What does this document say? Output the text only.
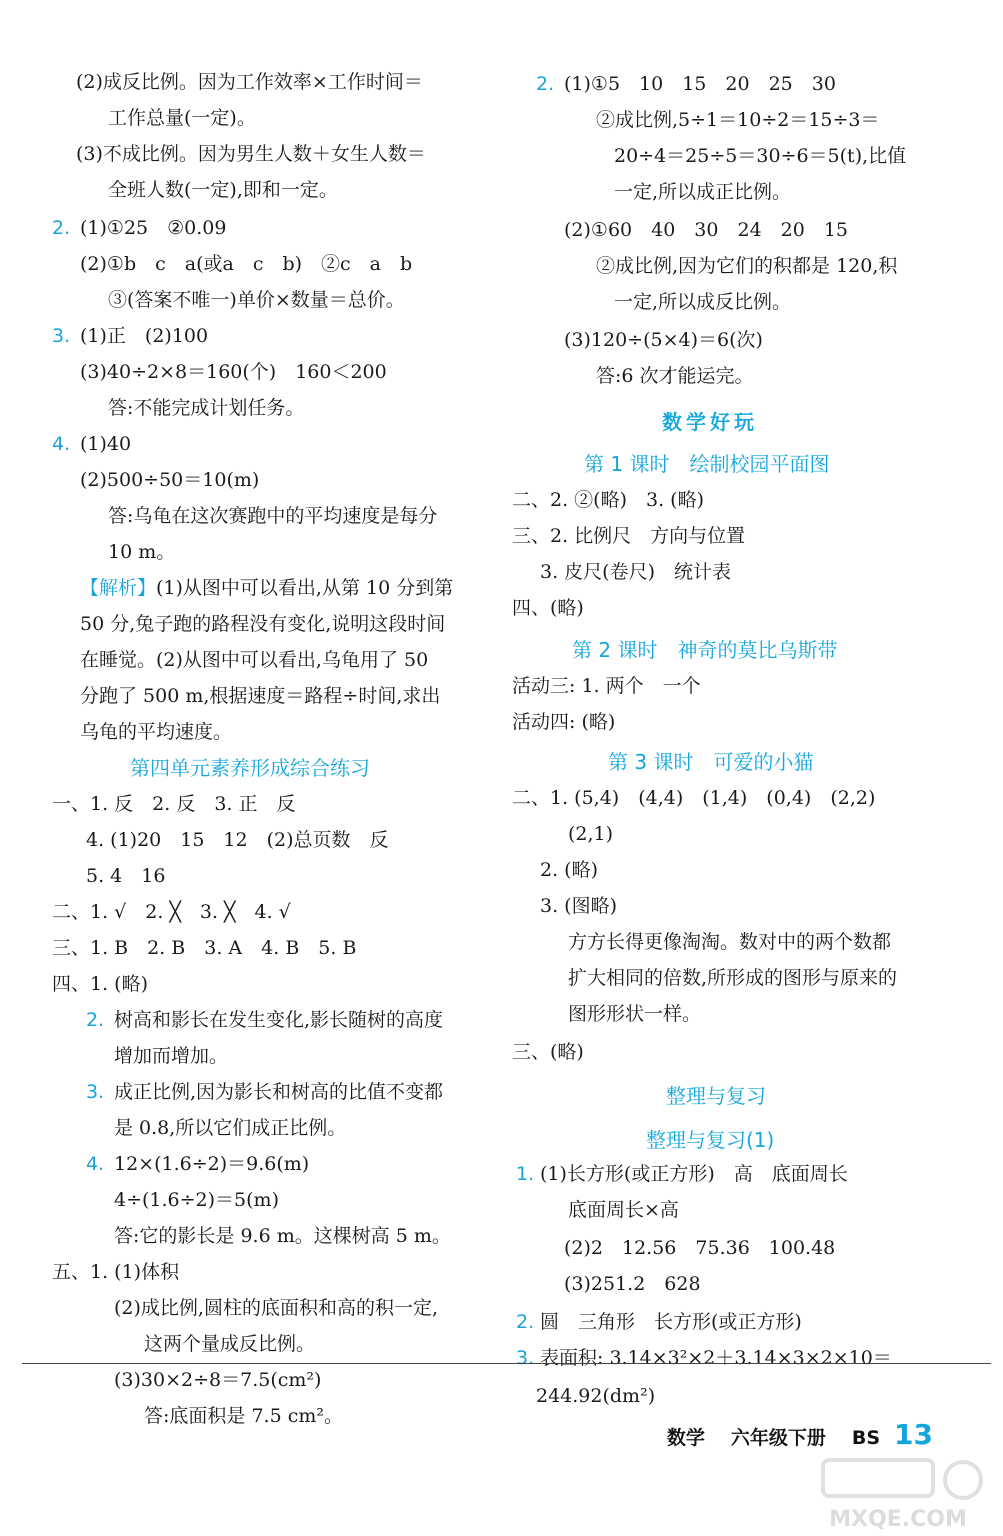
(2)成反比例。因为工作效率×工作时间＝
工作总量(一定)。
(3)不成比例。因为男生人数＋女生人数＝
全班人数(一定),即和一定。
2. (1)①25　②0.09
(2)①b　c　a(或a　c　b)　②c　a　b
③(答案不唯一)单价×数量＝总价。
3. (1)正　(2)100
(3)40÷2×8＝160(个)　160＜200
答:不能完成计划任务。
4. (1)40
(2)500÷50＝10(m)
答:乌龟在这次赛跑中的平均速度是每分
10 m。
【解析】(1)从图中可以看出,从第 10 分到第
50 分,兔子跑的路程没有变化,说明这段时间
在睡觉。(2)从图中可以看出,乌龟用了 50
分跑了 500 m,根据速度＝路程÷时间,求出
乌龟的平均速度。
第四单元素养形成综合练习
一、1. 反　2. 反　3. 正　反
4. (1)20　15　12　(2)总页数　反
5. 4　16
二、1. √　2. ╳　3. ╳　4. √
三、1. B　2. B　3. A　4. B　5. B
四、1. (略)
2. 树高和影长在发生变化,影长随树的高度
增加而增加。
3. 成正比例,因为影长和树高的比值不变都
是 0.8,所以它们成正比例。
4. 12×(1.6÷2)＝9.6(m)
4÷(1.6÷2)＝5(m)
答:它的影长是 9.6 m。这棵树高 5 m。
五、1. (1)体积
(2)成比例,圆柱的底面积和高的积一定,
这两个量成反比例。
(3)30×2÷8＝7.5(cm²)
答:底面积是 7.5 cm²。
2. (1)①5　10　15　20　25　30
②成比例,5÷1＝10÷2＝15÷3＝
20÷4＝25÷5＝30÷6＝5(t),比值
一定,所以成正比例。
(2)①60　40　30　24　20　15
②成比例,因为它们的积都是 120,积
一定,所以成反比例。
(3)120÷(5×4)＝6(次)
答:6 次才能运完。
数学好玩
第 1 课时　绘制校园平面图
二、2. ②(略)　3. (略)
三、2. 比例尺　方向与位置
3. 皮尺(卷尺)　统计表
四、(略)
第 2 课时　神奇的莫比乌斯带
活动三: 1. 两个　一个
活动四: (略)
第 3 课时　可爱的小猫
二、1. (5,4)　(4,4)　(1,4)　(0,4)　(2,2)
(2,1)
2. (略)
3. (图略)
方方长得更像淘淘。数对中的两个数都
扩大相同的倍数,所形成的图形与原来的
图形形状一样。
三、(略)
整理与复习
整理与复习(1)
1. (1)长方形(或正方形)　高　底面周长
底面周长×高
(2)2　12.56　75.36　100.48
(3)251.2　628
2. 圆　三角形　长方形(或正方形)
3. 表面积: 3.14×3²×2＋3.14×3×2×10＝
244.92(dm²)
数学 六年级下册 BS 13
MXQE.COM
